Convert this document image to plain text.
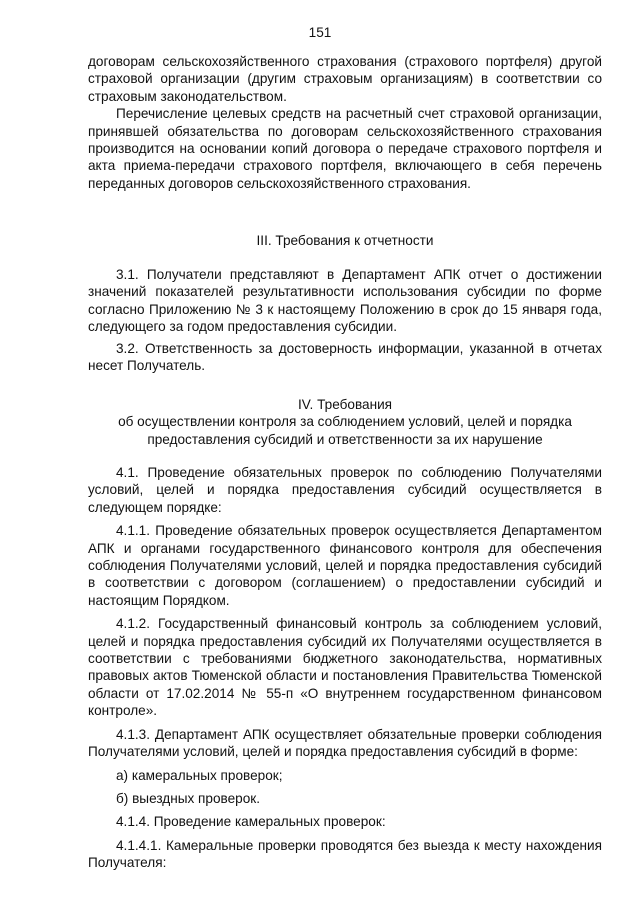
151

договорам сельскохозяйственного страхования (страхового портфеля) другой страховой организации (другим страховым организациям) в соответствии со страховым законодательством.

Перечисление целевых средств на расчетный счет страховой организации, принявшей обязательства по договорам сельскохозяйственного страхования производится на основании копий договора о передаче страхового портфеля и акта приема-передачи страхового портфеля, включающего в себя перечень переданных договоров сельскохозяйственного страхования.

III. Требования к отчетности

3.1. Получатели представляют в Департамент АПК отчет о достижении значений показателей результативности использования субсидии по форме согласно Приложению № 3 к настоящему Положению в срок до 15 января года, следующего за годом предоставления субсидии.

3.2. Ответственность за достоверность информации, указанной в отчетах несет Получатель.

IV. Требования

об осуществлении контроля за соблюдением условий, целей и порядка

предоставления субсидий и ответственности за их нарушение

4.1. Проведение обязательных проверок по соблюдению Получателями условий, целей и порядка предоставления субсидий осуществляется в следующем порядке:

4.1.1. Проведение обязательных проверок осуществляется Департаментом АПК и органами государственного финансового контроля для обеспечения соблюдения Получателями условий, целей и порядка предоставления субсидий в соответствии с договором (соглашением) о предоставлении субсидий и настоящим Порядком.

4.1.2. Государственный финансовый контроль за соблюдением условий, целей и порядка предоставления субсидий их Получателями осуществляется в соответствии с требованиями бюджетного законодательства, нормативных правовых актов Тюменской области и постановления Правительства Тюменской области от 17.02.2014 № 55-п «О внутреннем государственном финансовом контроле».

4.1.3. Департамент АПК осуществляет обязательные проверки соблюдения Получателями условий, целей и порядка предоставления субсидий в форме:

а) камеральных проверок;

б) выездных проверок.

4.1.4. Проведение камеральных проверок:

4.1.4.1. Камеральные проверки проводятся без выезда к месту нахождения Получателя:
